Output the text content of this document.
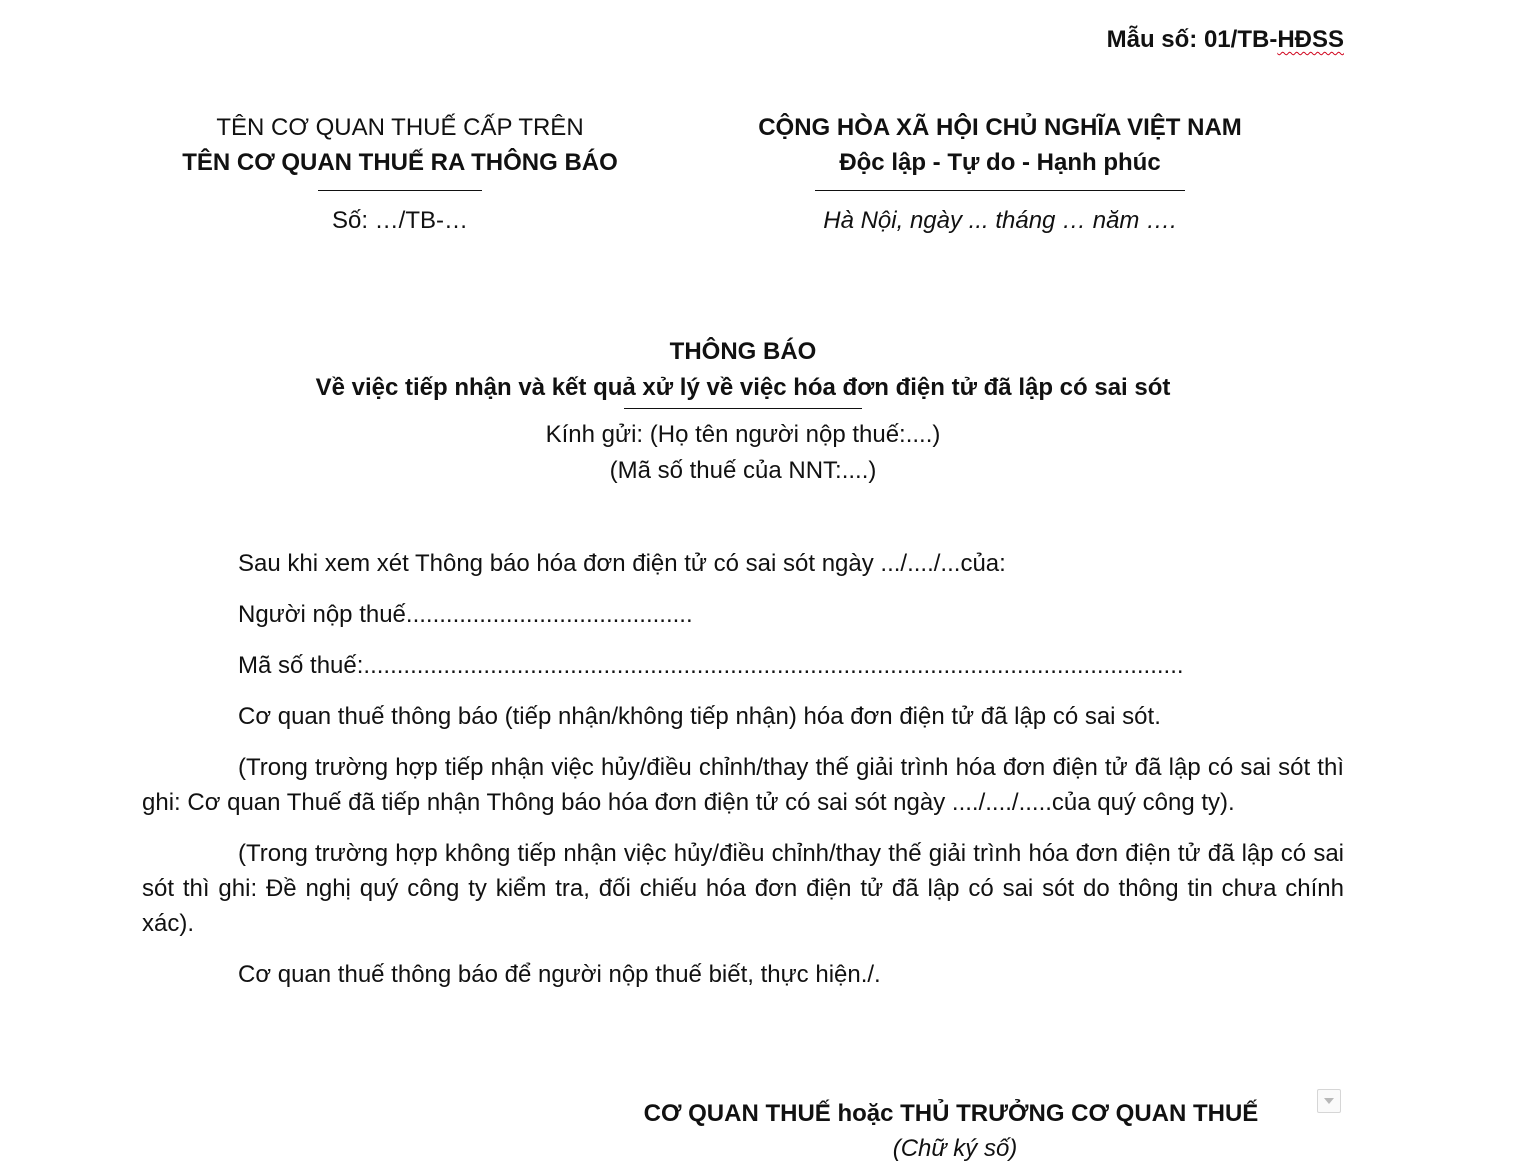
Mẫu số: 01/TB-HĐSS
TÊN CƠ QUAN THUẾ CẤP TRÊN
TÊN CƠ QUAN THUẾ RA THÔNG BÁO
Số: …/TB-…
CỘNG HÒA XÃ HỘI CHỦ NGHĨA VIỆT NAM
Độc lập - Tự do - Hạnh phúc
Hà Nội, ngày ... tháng … năm ….
THÔNG BÁO
Về việc tiếp nhận và kết quả xử lý về việc hóa đơn điện tử đã lập có sai sót
Kính gửi: (Họ tên người nộp thuế:....)
(Mã số thuế của NNT:....)

Sau khi xem xét Thông báo hóa đơn điện tử có sai sót ngày .../..../...của:

Người nộp thuế...........................................

Mã số thuế:...........................................................................................................................

Cơ quan thuế thông báo (tiếp nhận/không tiếp nhận) hóa đơn điện tử đã lập có sai sót.

(Trong trường hợp tiếp nhận việc hủy/điều chỉnh/thay thế giải trình hóa đơn điện tử đã lập có sai sót thì ghi: Cơ quan Thuế đã tiếp nhận Thông báo hóa đơn điện tử có sai sót ngày ..../..../.....của quý công ty).

(Trong trường hợp không tiếp nhận việc hủy/điều chỉnh/thay thế giải trình hóa đơn điện tử đã lập có sai sót thì ghi: Đề nghị quý công ty kiểm tra, đối chiếu hóa đơn điện tử đã lập có sai sót do thông tin chưa chính xác).

Cơ quan thuế thông báo để người nộp thuế biết, thực hiện./.

CƠ QUAN THUẾ hoặc THỦ TRƯỞNG CƠ QUAN THUẾ
(Chữ ký số)
